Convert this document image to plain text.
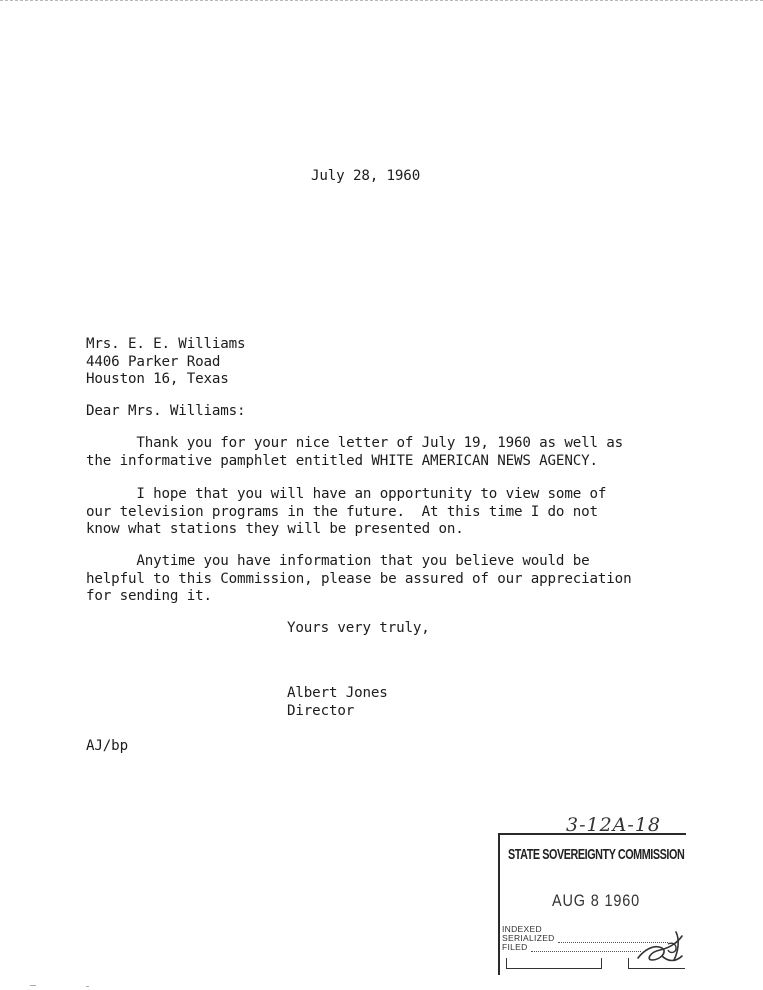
July 28, 1960
Mrs. E. E. Williams
4406 Parker Road
Houston 16, Texas
Dear Mrs. Williams:
Thank you for your nice letter of July 19, 1960 as well as
the informative pamphlet entitled WHITE AMERICAN NEWS AGENCY.
I hope that you will have an opportunity to view some of
our television programs in the future.  At this time I do not
know what stations they will be presented on.
Anytime you have information that you believe would be
helpful to this Commission, please be assured of our appreciation
for sending it.
Yours very truly,
Albert Jones
Director
AJ/bp
3-12A-18
STATE SOVEREIGNTY COMMISSION
AUG 8 1960
INDEXED
SERIALIZED
FILED
